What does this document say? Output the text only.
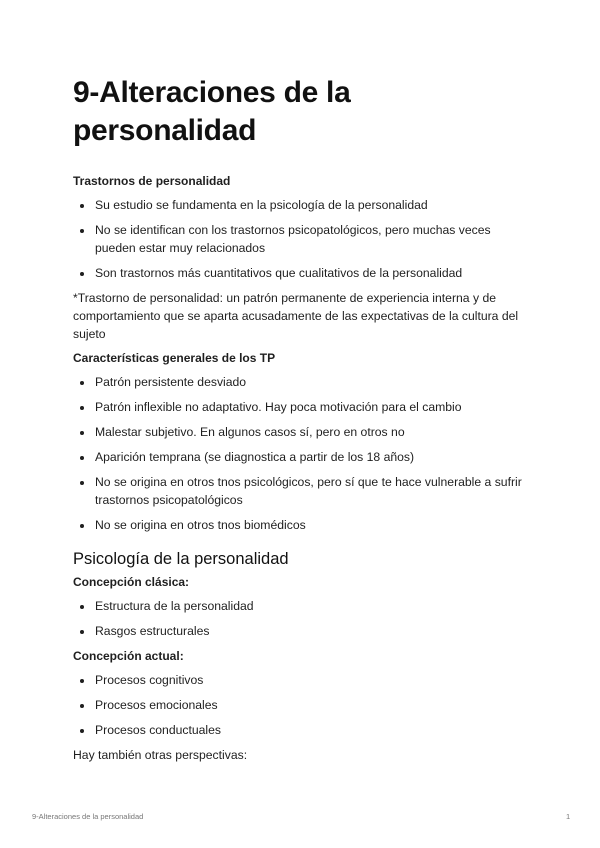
9-Alteraciones de la personalidad
Trastornos de personalidad
Su estudio se fundamenta en la psicología de la personalidad
No se identifican con los trastornos psicopatológicos, pero muchas veces pueden estar muy relacionados
Son trastornos más cuantitativos que cualitativos de la personalidad

*Trastorno de personalidad: un patrón permanente de experiencia interna y de comportamiento que se aparta acusadamente de las expectativas de la cultura del sujeto

Características generales de los TP
Patrón persistente desviado
Patrón inflexible no adaptativo. Hay poca motivación para el cambio
Malestar subjetivo. En algunos casos sí, pero en otros no
Aparición temprana (se diagnostica a partir de los 18 años)
No se origina en otros tnos psicológicos, pero sí que te hace vulnerable a sufrir trastornos psicopatológicos
No se origina en otros tnos biomédicos
Psicología de la personalidad
Concepción clásica:
Estructura de la personalidad
Rasgos estructurales
Concepción actual:
Procesos cognitivos
Procesos emocionales
Procesos conductuales

Hay también otras perspectivas:

9-Alteraciones de la personalidad	1
